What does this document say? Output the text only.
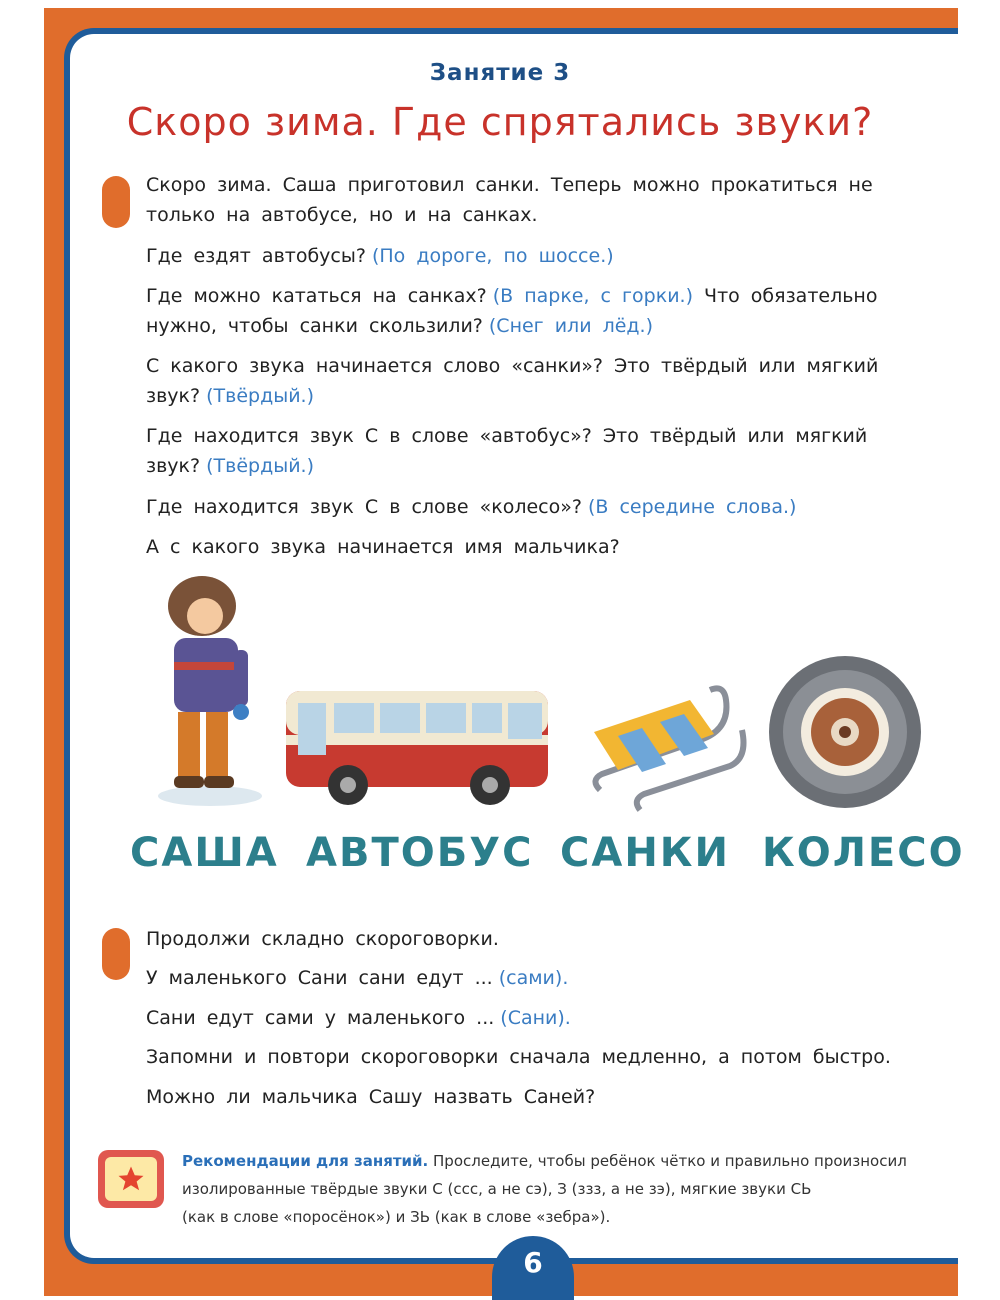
Занятие 3
Скоро зима. Где спрятались звуки?
Скоро зима. Саша приготовил санки. Теперь можно прокатиться не
только на автобусе, но и на санках.
Где ездят автобусы? (По дороге, по шоссе.)
Где можно кататься на санках? (В парке, с горки.) Что обязательно
нужно, чтобы санки скользили? (Снег или лёд.)
С какого звука начинается слово «санки»? Это твёрдый или мягкий
звук? (Твёрдый.)
Где находится звук С в слове «автобус»? Это твёрдый или мягкий
звук? (Твёрдый.)
Где находится звук С в слове «колесо»? (В середине слова.)
А с какого звука начинается имя мальчика?
САША АВТОБУС САНКИ КОЛЕСО
Продолжи складно скороговорки.
У маленького Сани сани едут ... (сами).
Сани едут сами у маленького ... (Сани).
Запомни и повтори скороговорки сначала медленно, а потом быстро.
Можно ли мальчика Сашу назвать Саней?
Рекомендации для занятий. Проследите, чтобы ребёнок чётко и правильно произносил
изолированные твёрдые звуки С (ссс, а не сэ), З (ззз, а не зэ), мягкие звуки СЬ
(как в слове «поросёнок») и ЗЬ (как в слове «зебра»).
6
